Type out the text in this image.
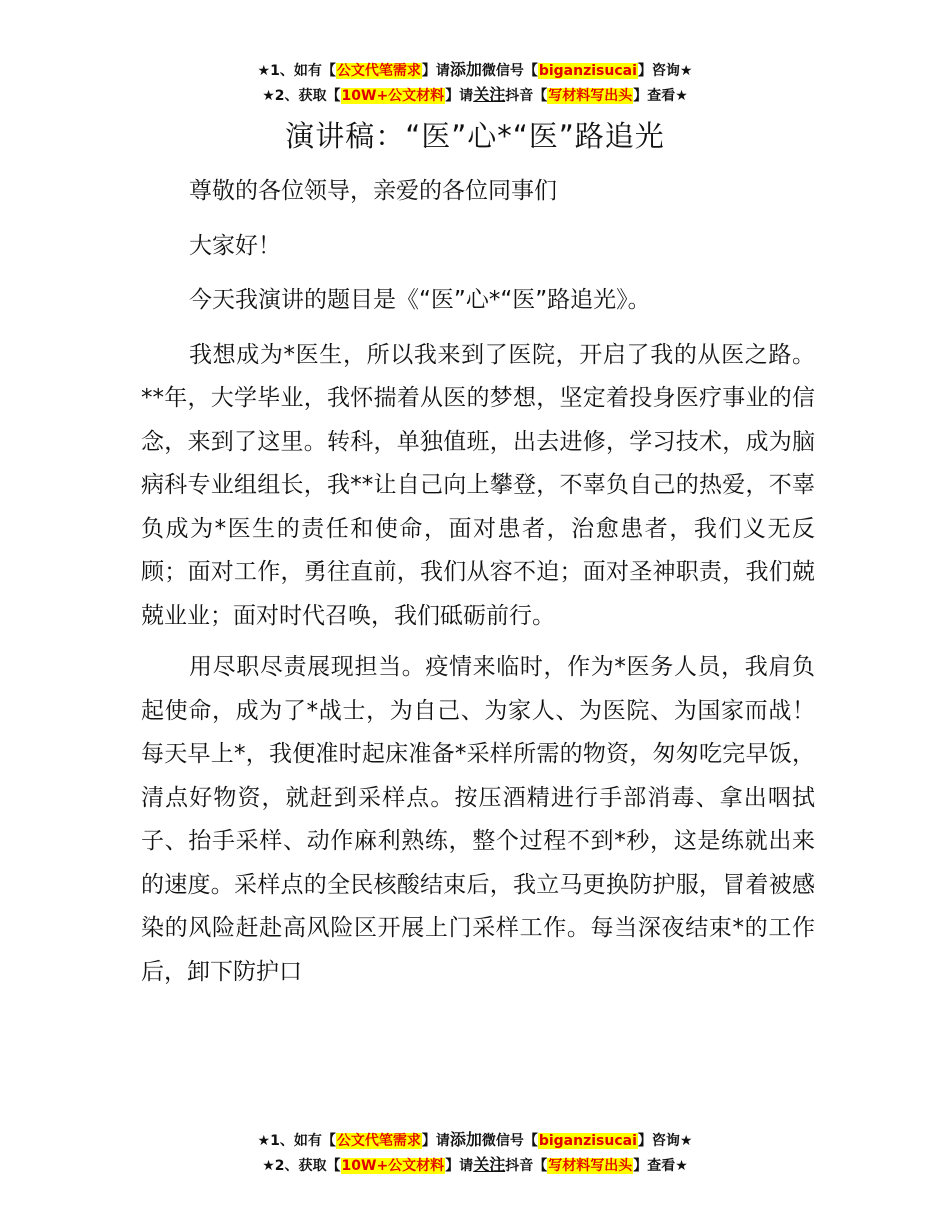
★1、如有【公文代笔需求】请添加微信号【biganzisucai】咨询★
★2、获取【10W+公文材料】请关注抖音【写材料写出头】查看★
演讲稿：“医”心*“医”路追光

尊敬的各位领导，亲爱的各位同事们

大家好！

今天我演讲的题目是《“医”心*“医”路追光》。

我想成为*医生，所以我来到了医院，开启了我的从医之路。**年，大学毕业，我怀揣着从医的梦想，坚定着投身医疗事业的信念，来到了这里。转科，单独值班，出去进修，学习技术，成为脑病科专业组组长，我**让自己向上攀登，不辜负自己的热爱，不辜负成为*医生的责任和使命，面对患者，治愈患者，我们义无反顾；面对工作，勇往直前，我们从容不迫；面对圣神职责，我们兢兢业业；面对时代召唤，我们砥砺前行。

用尽职尽责展现担当。疫情来临时，作为*医务人员，我肩负起使命，成为了*战士，为自己、为家人、为医院、为国家而战！每天早上*，我便准时起床准备*采样所需的物资，匆匆吃完早饭，清点好物资，就赶到采样点。按压酒精进行手部消毒、拿出咽拭子、抬手采样、动作麻利熟练，整个过程不到*秒，这是练就出来的速度。采样点的全民核酸结束后，我立马更换防护服，冒着被感染的风险赶赴高风险区开展上门采样工作。每当深夜结束*的工作后，卸下防护口

★1、如有【公文代笔需求】请添加微信号【biganzisucai】咨询★
★2、获取【10W+公文材料】请关注抖音【写材料写出头】查看★
